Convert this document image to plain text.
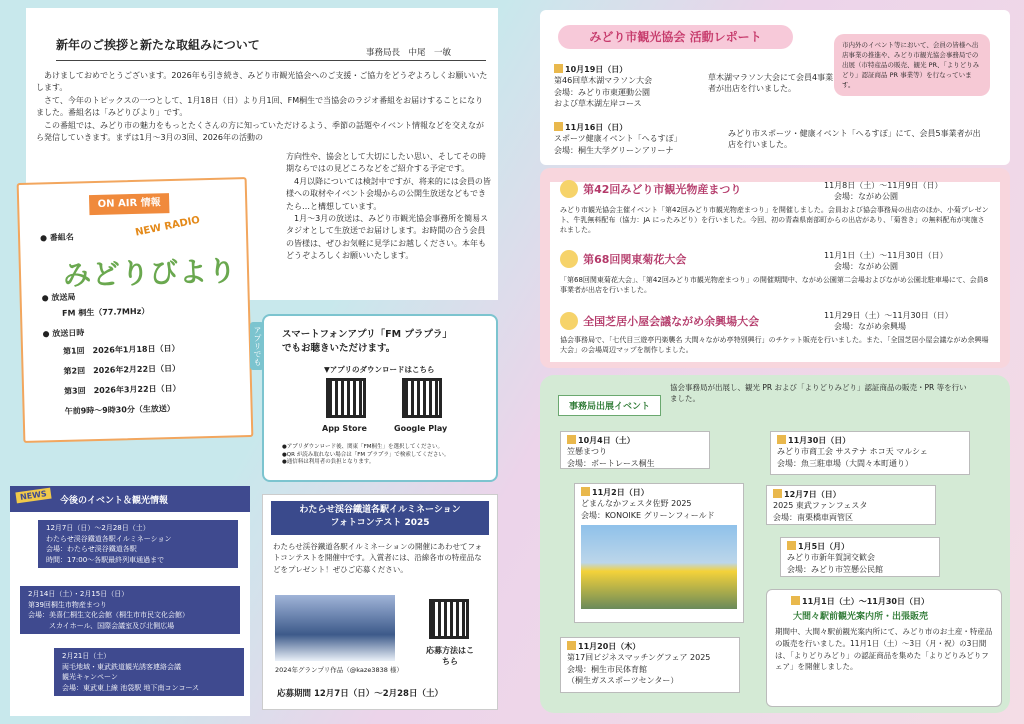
新年のご挨拶と新たな取組みについて
事務局長　中尾　一敏
　あけましておめでとうございます。2026年も引き続き、みどり市観光協会へのご支援・ご協力をどうぞよろしくお願いいたします。
　さて、今年のトピックスの一つとして、1月18日（日）より月1回、FM桐生で当協会のラジオ番組をお届けすることになりました。番組名は「みどりびより」です。
　この番組では、みどり市の魅力をもっとたくさんの方に知っていただけるよう、季節の話題やイベント情報などを交えながら発信していきます。まずは1月〜3月の3回、2026年の活動の
方向性や、協会として大切にしたい思い、そしてその時期ならではの見どころなどをご紹介する予定です。
　4月以降については検討中ですが、将来的には会員の皆様への取材やイベント会場からの公開生放送などもできたら…と構想しています。
　1月〜3月の放送は、みどり市観光協会事務所を簡易スタジオとして生放送でお届けします。お時間の合う会員の皆様は、ぜひお気軽に見学にお越しください。本年もどうぞよろしくお願いいたします。
ON AIR 情報
NEW RADIO
● 番組名
みどりびより
● 放送局
FM 桐生（77.7MHz）
● 放送日時
第1回　2026年1月18日（日）
第2回　2026年2月22日（日）
第3回　2026年3月22日（日）
午前9時〜9時30分（生放送）
アプリでも スマートフォンアプリ「FM プラプラ」
でもお聴きいただけます。
▼アプリのダウンロードはこちら
App Store	Google Play
●アプリダウンロード後、関東「FM桐生」を選択してください。
●QR が読み取れない場合は「FM プラプラ」で検索してください。
●通信料は利用者の負担となります。
NEWS	今後のイベント＆観光情報
12月7日（日）〜2月28日（土）
わたらせ渓谷鐵道各駅イルミネーション
会場：わたらせ渓谷鐵道各駅
時間：17:00〜各駅最終列車通過まで
2月14日（土）・2月15日（日）
第39回桐生市物産まつり
会場：美喜仁桐生文化会館（桐生市市民文化会館）
　　　スカイホール、国際会議室及び北側広場
2月21日（土）
両毛地域・東武鉄道観光誘客連絡会議
観光キャンペーン
会場：東武東上線 池袋駅 地下南コンコース
わたらせ渓谷鐵道各駅イルミネーション
フォトコンテスト 2025
わたらせ渓谷鐵道各駅イルミネーションの開催にあわせてフォトコンテストを開催中です。入賞者には、沿線各市の特産品などをプレゼント！ぜひご応募ください。
応募方法はこちら
2024年グランプリ作品（@kaze3838 様）
応募期間 12月7日（日）〜2月28日（土）
みどり市観光協会 活動レポート
10月19日（日）
第46回草木湖マラソン大会
会場：みどり市東運動公園
および草木湖左岸コース
草木湖マラソン大会にて会員4事業者が出店を行いました。
11月16日（日）
スポーツ健康イベント「へるすぽ」
会場：桐生大学グリーンアリーナ
みどり市スポーツ・健康イベント「へるすぽ」にて、会員5事業者が出店を行いました。
市内外のイベント等において、会員の皆様へ出店事業の推進や、みどり市観光協会事務局での出展（市特産品の販売、観光 PR、「よりどりみどり」認証商品 PR 事業等）を行なっています。
第42回みどり市観光物産まつり	11月8日（土）〜11月9日（日）
会場：ながめ公園
みどり市観光協会主催イベント「第42回みどり市観光物産まつり」を開催しました。会員および協会事務局の出店のほか、小菊プレゼント、牛乳無料配布（協力：JA にったみどり）を行いました。今回、初の青森県南部町からの出店があり、「菊巻き」の無料配布が実施されました。
第68回関東菊花大会	11月1日（土）〜11月30日（日）
会場：ながめ公園
「第68回関東菊花大会」、「第42回みどり市観光物産まつり」の開催期間中、ながめ公園第二会場およびながめ公園北駐車場にて、会員8事業者が出店を行いました。
全国芝居小屋会議ながめ余興場大会	11月29日（土）〜11月30日（日）
会場：ながめ余興場
協会事務局で、「七代目三遊亭円楽襲名 大間々ながめ亭特別興行」のチケット販売を行いました。また、「全国芝居小屋会議ながめ余興場大会」の会場周辺マップを制作しました。
事務局出展イベント
協会事務局が出展し、観光 PR および「よりどりみどり」認証商品の販売・PR 等を行いました。
10月4日（土）
笠懸まつり
会場：ボートレース桐生
11月2日（日）
どまんなかフェスタ佐野 2025
会場：KONOIKE グリーンフィールド
11月20日（木）
第17回ビジネスマッチングフェア 2025
会場：桐生市民体育館
（桐生ガススポーツセンター）
11月30日（日）
みどり市商工会 サステナ ホコ天 マルシェ
会場：魚三駐車場（大間々本町通り）
12月7日（日）
2025 東武ファンフェスタ
会場：南栗橋車両管区
1月5日（月）
みどり市新年賀詞交歓会
会場：みどり市笠懸公民館
11月1日（土）〜11月30日（日）
大間々駅前観光案内所・出張販売
期間中、大間々駅前観光案内所にて、みどり市のお土産・特産品の販売を行いました。11月1日（土）〜3日（月・祝）の3日間は、「よりどりみどり」の認証商品を集めた「よりどりみどりフェア」を開催しました。
